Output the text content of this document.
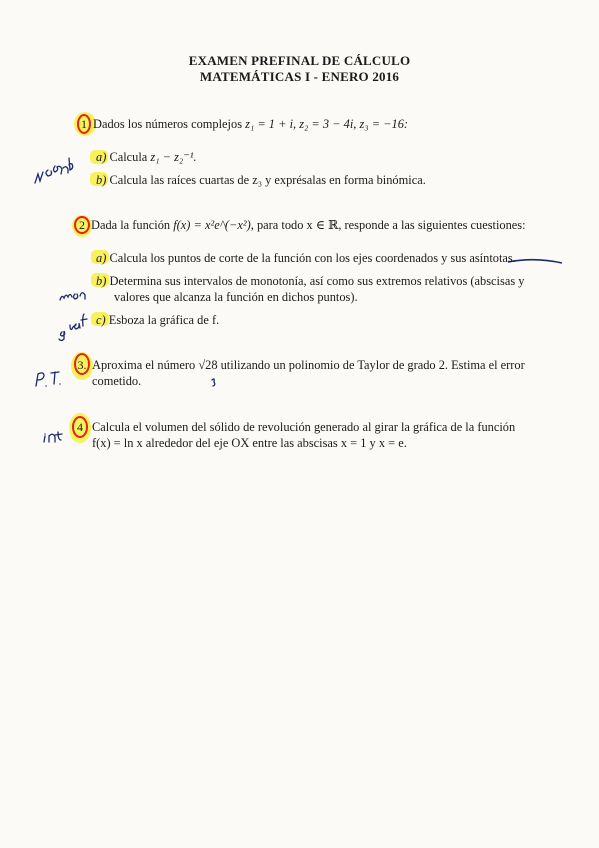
EXAMEN PREFINAL DE CÁLCULO
MATEMÁTICAS I - ENERO 2016
1 Dados los números complejos z₁ = 1 + i, z₂ = 3 − 4i, z₃ = −16:
a) Calcula z₁ − z₂⁻¹.
b) Calcula las raíces cuartas de z₃ y exprésalas en forma binómica.
2 Dada la función f(x) = x²e^(−x²), para todo x ∈ ℝ, responde a las siguientes cuestiones:
a) Calcula los puntos de corte de la función con los ejes coordenados y sus asíntotas.
b) Determina sus intervalos de monotonía, así como sus extremos relativos (abscisas y
valores que alcanza la función en dichos puntos).
c) Esboza la gráfica de f.
3. Aproxima el número √28 utilizando un polinomio de Taylor de grado 2. Estima el error
cometido.
4 Calcula el volumen del sólido de revolución generado al girar la gráfica de la función
f(x) = ln x alrededor del eje OX entre las abscisas x = 1 y x = e.
